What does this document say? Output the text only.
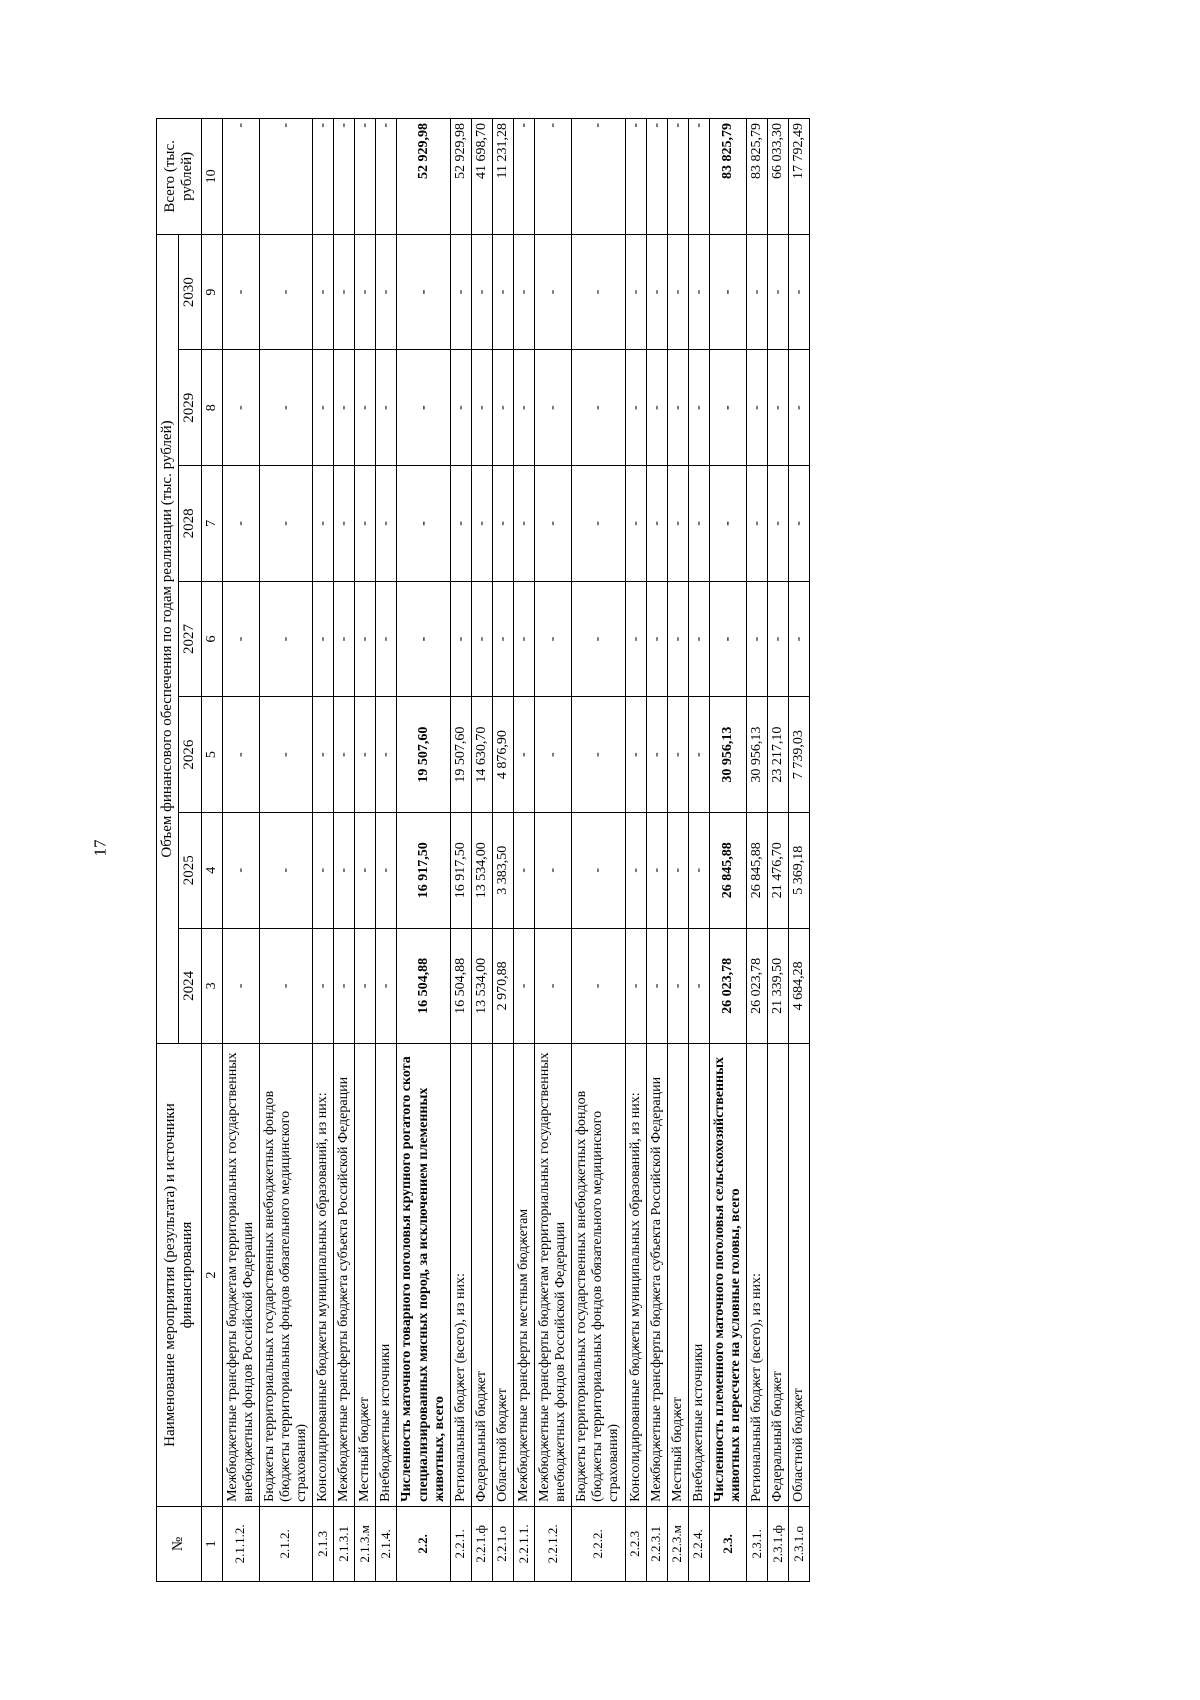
17
№	Наименование мероприятия (результата) и источники финансирования	Объем финансового обеспечения по годам реализации (тыс. рублей)							Всего (тыс. рублей)
		2024	2025	2026	2027	2028	2029	2030	
1	2	3	4	5	6	7	8	9	10
2.1.1.2.	Межбюджетные трансферты бюджетам территориальных государственных внебюджетных фондов Российской Федерации	-	-	-	-	-	-	-	-
2.1.2.	Бюджеты территориальных государственных внебюджетных фондов (бюджеты территориальных фондов обязательного медицинского страхования)	-	-	-	-	-	-	-	-
2.1.3	Консолидированные бюджеты муниципальных образований, из них:	-	-	-	-	-	-	-	-
2.1.3.1	Межбюджетные трансферты бюджета субъекта Российской Федерации	-	-	-	-	-	-	-	-
2.1.3.м	Местный бюджет	-	-	-	-	-	-	-	-
2.1.4.	Внебюджетные источники	-	-	-	-	-	-	-	-
2.2.	Численность маточного товарного поголовья крупного рогатого скота специализированных мясных пород, за исключением племенных животных, всего	16 504,88	16 917,50	19 507,60	-	-	-	-	52 929,98
2.2.1.	Региональный бюджет (всего), из них:	16 504,88	16 917,50	19 507,60	-	-	-	-	52 929,98
2.2.1.ф	Федеральный бюджет	13 534,00	13 534,00	14 630,70	-	-	-	-	41 698,70
2.2.1.о	Областной бюджет	2 970,88	3 383,50	4 876,90	-	-	-	-	11 231,28
2.2.1.1.	Межбюджетные трансферты местным бюджетам	-	-	-	-	-	-	-	-
2.2.1.2.	Межбюджетные трансферты бюджетам территориальных государственных внебюджетных фондов Российской Федерации	-	-	-	-	-	-	-	-
2.2.2.	Бюджеты территориальных государственных внебюджетных фондов (бюджеты территориальных фондов обязательного медицинского страхования)	-	-	-	-	-	-	-	-
2.2.3	Консолидированные бюджеты муниципальных образований, из них:	-	-	-	-	-	-	-	-
2.2.3.1	Межбюджетные трансферты бюджета субъекта Российской Федерации	-	-	-	-	-	-	-	-
2.2.3.м	Местный бюджет	-	-	-	-	-	-	-	-
2.2.4.	Внебюджетные источники	-	-	-	-	-	-	-	-
2.3.	Численность племенного маточного поголовья сельскохозяйственных животных в пересчете на условные головы, всего	26 023,78	26 845,88	30 956,13	-	-	-	-	83 825,79
2.3.1.	Региональный бюджет (всего), из них:	26 023,78	26 845,88	30 956,13	-	-	-	-	83 825,79
2.3.1.ф	Федеральный бюджет	21 339,50	21 476,70	23 217,10	-	-	-	-	66 033,30
2.3.1.о	Областной бюджет	4 684,28	5 369,18	7 739,03	-	-	-	-	17 792,49
